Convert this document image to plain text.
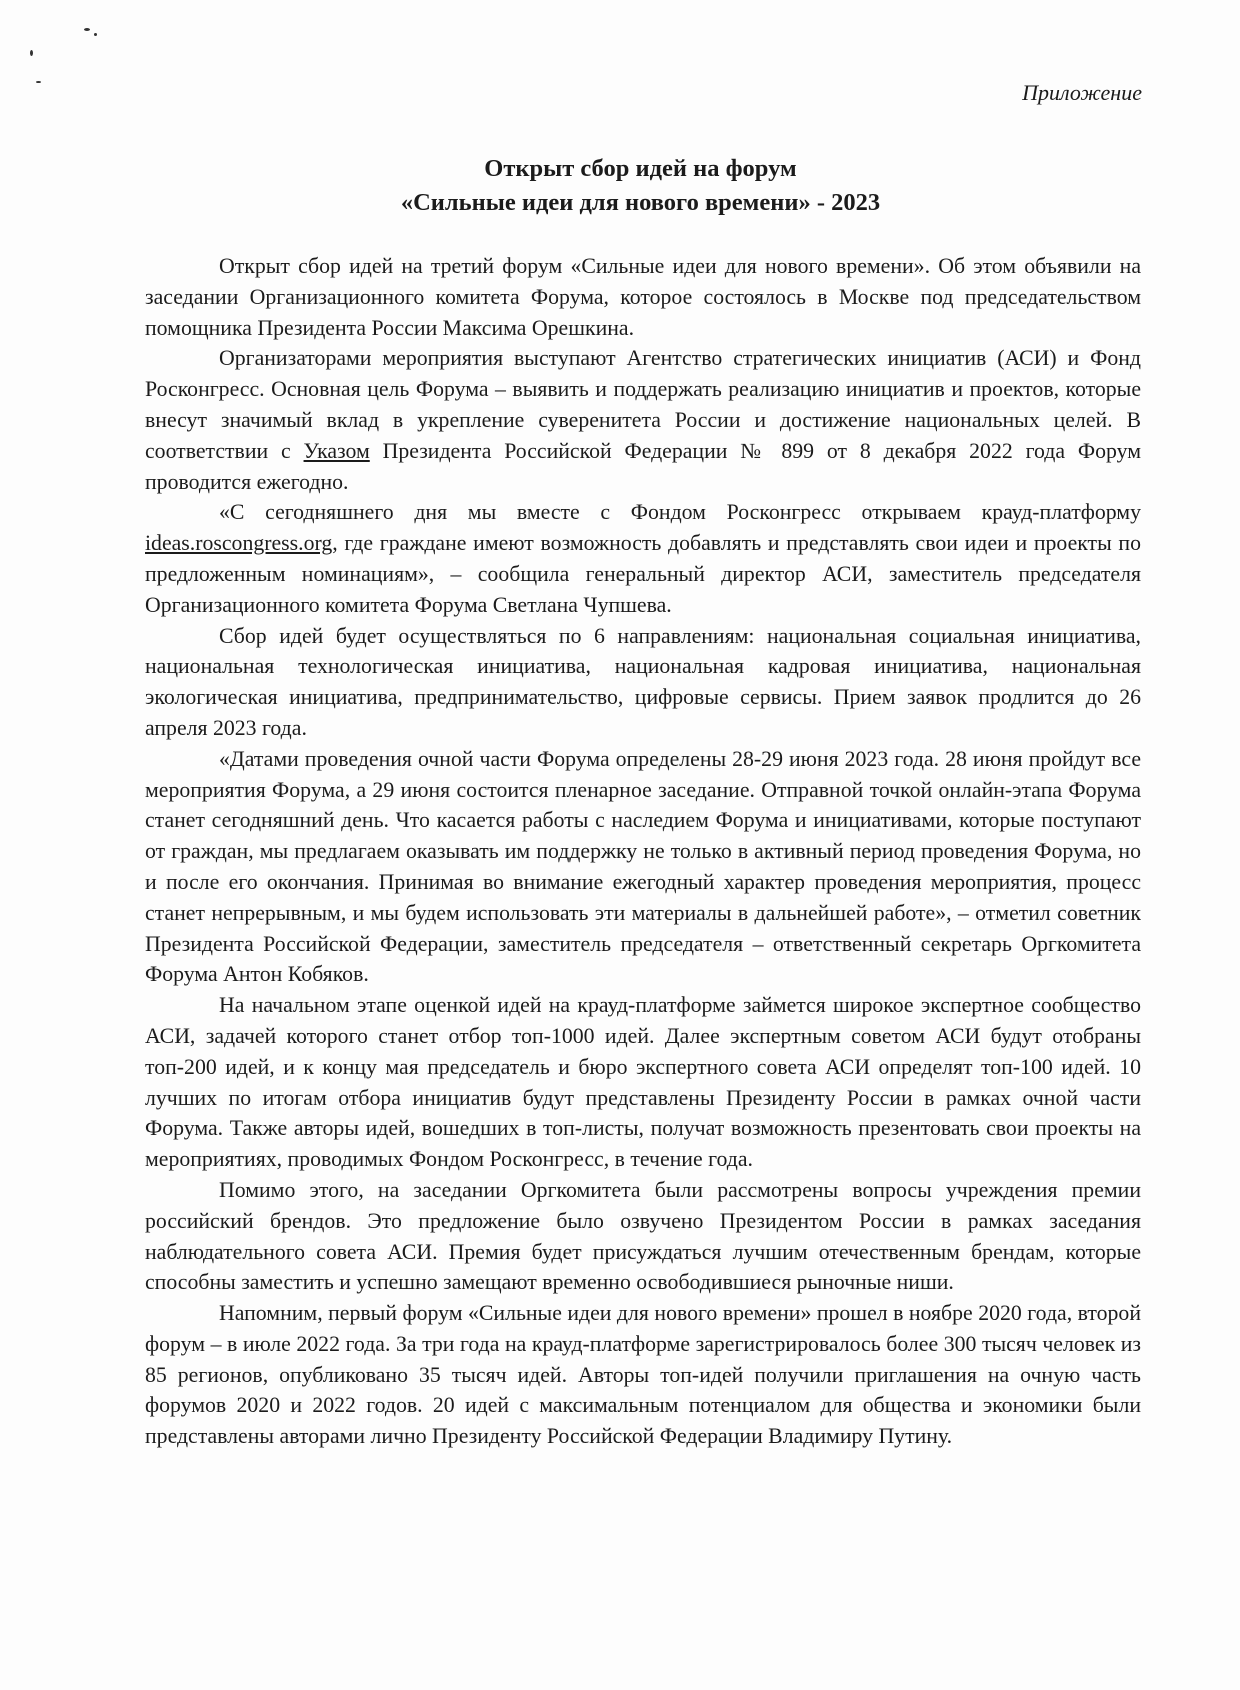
Приложение
Открыт сбор идей на форум
«Сильные идеи для нового времени» - 2023

Открыт сбор идей на третий форум «Сильные идеи для нового времени». Об этом объявили на заседании Организационного комитета Форума, которое состоялось в Москве под председательством помощника Президента России Максима Орешкина.

Организаторами мероприятия выступают Агентство стратегических инициатив (АСИ) и Фонд Росконгресс. Основная цель Форума – выявить и поддержать реализацию инициатив и проектов, которые внесут значимый вклад в укрепление суверенитета России и достижение национальных целей. В соответствии с Указом Президента Российской Федерации № 899 от 8 декабря 2022 года Форум проводится ежегодно.

«С сегодняшнего дня мы вместе с Фондом Росконгресс открываем крауд-платформу ideas.roscongress.org, где граждане имеют возможность добавлять и представлять свои идеи и проекты по предложенным номинациям», – сообщила генеральный директор АСИ, заместитель председателя Организационного комитета Форума Светлана Чупшева.

Сбор идей будет осуществляться по 6 направлениям: национальная социальная инициатива, национальная технологическая инициатива, национальная кадровая инициатива, национальная экологическая инициатива, предпринимательство, цифровые сервисы. Прием заявок продлится до 26 апреля 2023 года.

«Датами проведения очной части Форума определены 28-29 июня 2023 года. 28 июня пройдут все мероприятия Форума, а 29 июня состоится пленарное заседание. Отправной точкой онлайн-этапа Форума станет сегодняшний день. Что касается работы с наследием Форума и инициативами, которые поступают от граждан, мы предлагаем оказывать им поддержку не только в активный период проведения Форума, но и после его окончания. Принимая во внимание ежегодный характер проведения мероприятия, процесс станет непрерывным, и мы будем использовать эти материалы в дальнейшей работе», – отметил советник Президента Российской Федерации, заместитель председателя – ответственный секретарь Оргкомитета Форума Антон Кобяков.

На начальном этапе оценкой идей на крауд-платформе займется широкое экспертное сообщество АСИ, задачей которого станет отбор топ-1000 идей. Далее экспертным советом АСИ будут отобраны топ-200 идей, и к концу мая председатель и бюро экспертного совета АСИ определят топ-100 идей. 10 лучших по итогам отбора инициатив будут представлены Президенту России в рамках очной части Форума. Также авторы идей, вошедших в топ-листы, получат возможность презентовать свои проекты на мероприятиях, проводимых Фондом Росконгресс, в течение года.

Помимо этого, на заседании Оргкомитета были рассмотрены вопросы учреждения премии российский брендов. Это предложение было озвучено Президентом России в рамках заседания наблюдательного совета АСИ. Премия будет присуждаться лучшим отечественным брендам, которые способны заместить и успешно замещают временно освободившиеся рыночные ниши.

Напомним, первый форум «Сильные идеи для нового времени» прошел в ноябре 2020 года, второй форум – в июле 2022 года. За три года на крауд-платформе зарегистрировалось более 300 тысяч человек из 85 регионов, опубликовано 35 тысяч идей. Авторы топ-идей получили приглашения на очную часть форумов 2020 и 2022 годов. 20 идей с максимальным потенциалом для общества и экономики были представлены авторами лично Президенту Российской Федерации Владимиру Путину.
